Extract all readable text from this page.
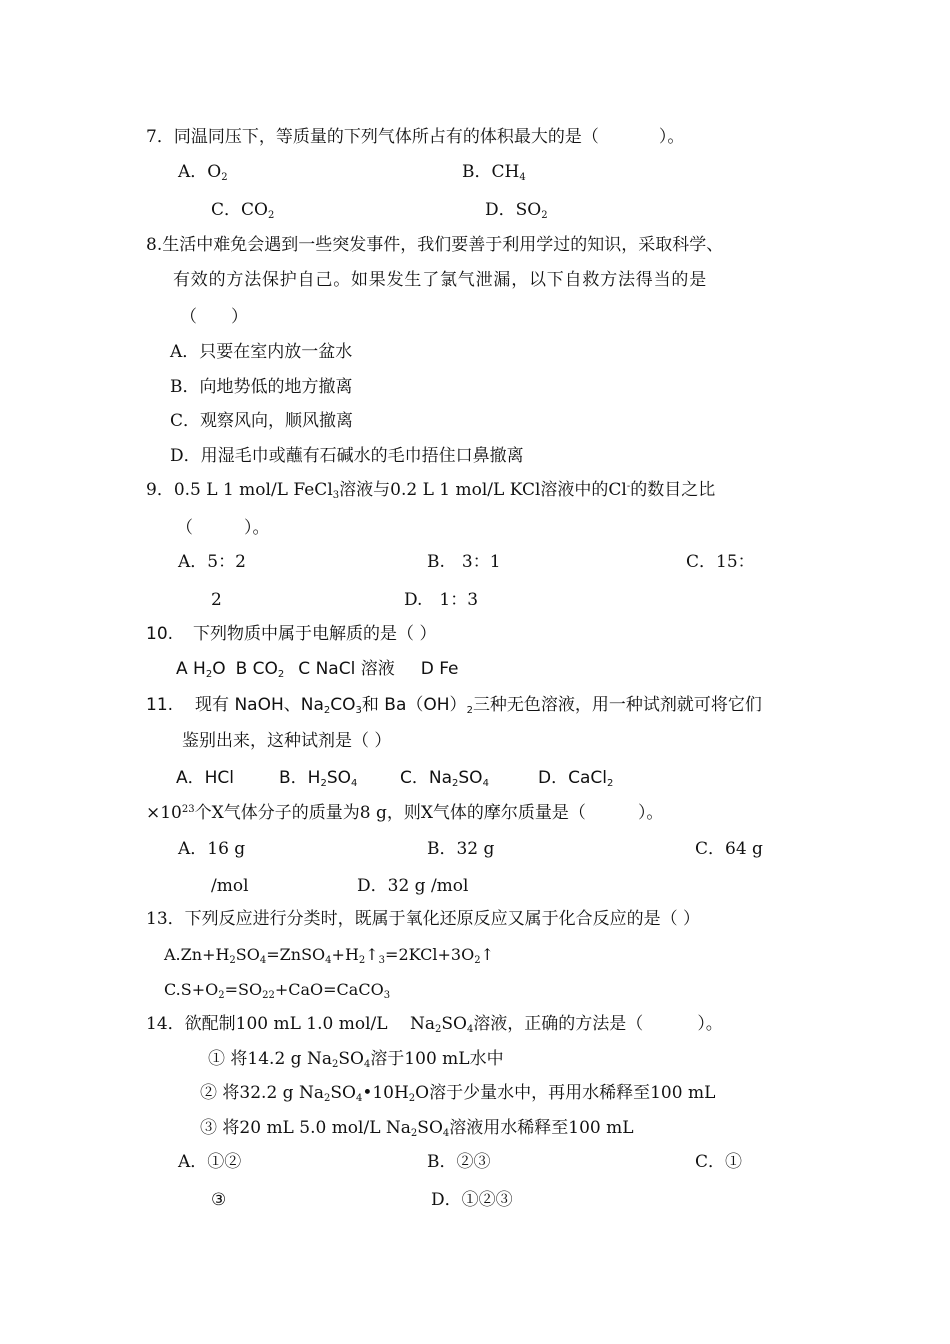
7．同温同压下，等质量的下列气体所占有的体积最大的是（	）。
A．$O_2$	B．$CH_4$
C．$CO_2$	D．$SO_2$
8.生活中难免会遇到一些突发事件，我们要善于利用学过的知识，采取科学、
有效的方法保护自己。如果发生了氯气泄漏，以下自救方法得当的是
（　　）
A．只要在室内放一盆水
B．向地势低的地方撤离
C．观察风向，顺风撤离
D．用湿毛巾或蘸有石碱水的毛巾捂住口鼻撤离
9．0.5 L 1 mol/L FeCl$_3$溶液与0.2 L 1 mol/L KCl溶液中的Cl-的数目之比
（　　　）。
A．5：2	B.　3：1	C．15：
2	D.　1：3
10. 下列物质中属于电解质的是（ ）
A $H_2O$ B $CO_2$ C NaCl 溶液 D Fe
11. 现有 NaOH、$Na_2CO_3$和 $Ba(OH)_2$三种无色溶液，用一种试剂就可将它们
鉴别出来，这种试剂是（ ）
A．HCl	B．$H_2SO_4$	C．$Na_2SO_4$	D．CaCl$_2$
$\times 10^{23}$个X气体分子的质量为8 g，则X气体的摩尔质量是（	）。
A．16 g	B．32 g	C．64 g
/mol	D．32 g /mol
13．下列反应进行分类时，既属于氧化还原反应又属于化合反应的是（ ）
$A.Zn+H_2SO_4=ZnSO_4+H_2↑_3=2KCl+3O_2↑$
$C.S+O_2=SO_{22}+CaO=CaCO_3$
14．欲配制100 mL 1.0 mol/L　 $Na_2SO_4$溶液，正确的方法是（	）。
① 将14.2 g $Na_2SO_4$溶于100 mL水中
② 将32.2 g $Na_2SO_4•10H_2O$溶于少量水中，再用水稀释至100 mL
③ 将20 mL 5.0 mol/L $Na_2SO_4$溶液用水稀释至100 mL
A．①②	B．②③	C．①
③	D．①②③
